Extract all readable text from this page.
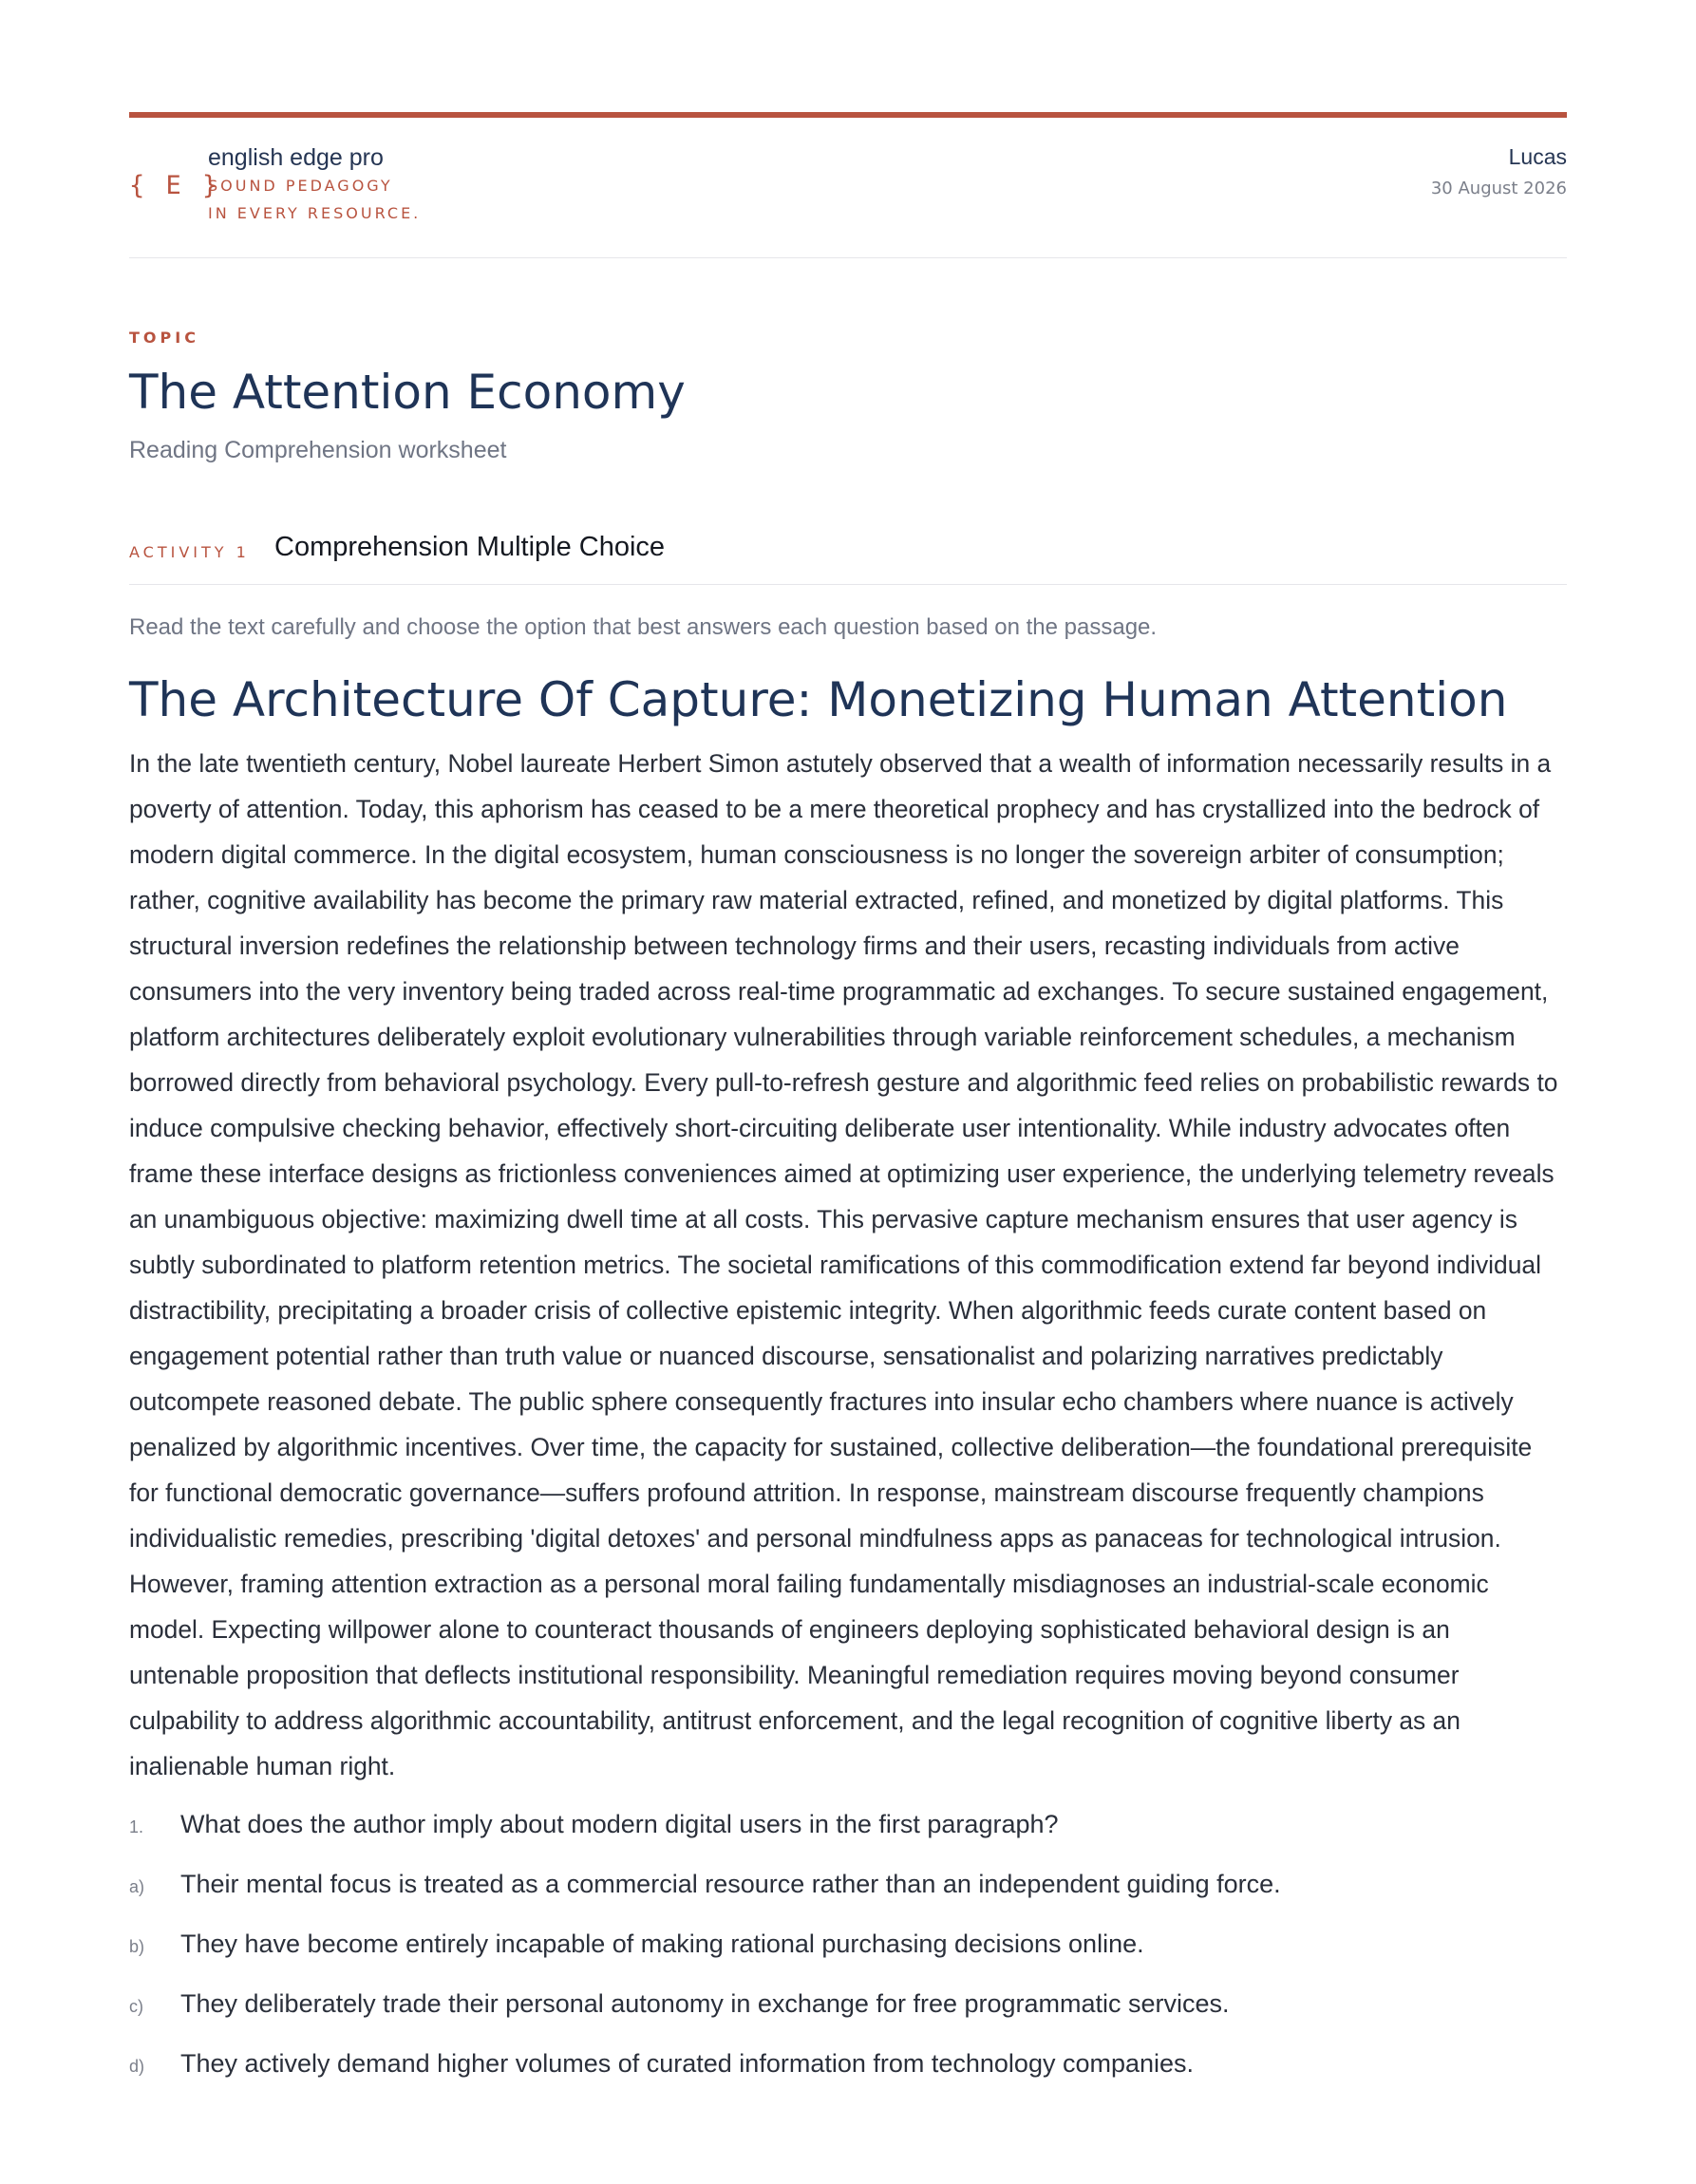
{ E }
english edge pro
SOUND PEDAGOGY
IN EVERY RESOURCE.
Lucas
30 August 2026
TOPIC
The Attention Economy
Reading Comprehension worksheet
ACTIVITY 1 Comprehension Multiple Choice

Read the text carefully and choose the option that best answers each question based on the passage.

The Architecture Of Capture: Monetizing Human Attention

In the late twentieth century, Nobel laureate Herbert Simon astutely observed that a wealth of information necessarily results in a poverty of attention. Today, this aphorism has ceased to be a mere theoretical prophecy and has crystallized into the bedrock of modern digital commerce. In the digital ecosystem, human consciousness is no longer the sovereign arbiter of consumption; rather, cognitive availability has become the primary raw material extracted, refined, and monetized by digital platforms. This structural inversion redefines the relationship between technology firms and their users, recasting individuals from active consumers into the very inventory being traded across real-time programmatic ad exchanges. To secure sustained engagement, platform architectures deliberately exploit evolutionary vulnerabilities through variable reinforcement schedules, a mechanism borrowed directly from behavioral psychology. Every pull-to-refresh gesture and algorithmic feed relies on probabilistic rewards to induce compulsive checking behavior, effectively short-circuiting deliberate user intentionality. While industry advocates often frame these interface designs as frictionless conveniences aimed at optimizing user experience, the underlying telemetry reveals an unambiguous objective: maximizing dwell time at all costs. This pervasive capture mechanism ensures that user agency is subtly subordinated to platform retention metrics. The societal ramifications of this commodification extend far beyond individual distractibility, precipitating a broader crisis of collective epistemic integrity. When algorithmic feeds curate content based on engagement potential rather than truth value or nuanced discourse, sensationalist and polarizing narratives predictably outcompete reasoned debate. The public sphere consequently fractures into insular echo chambers where nuance is actively penalized by algorithmic incentives. Over time, the capacity for sustained, collective deliberation—the foundational prerequisite for functional democratic governance—suffers profound attrition. In response, mainstream discourse frequently champions individualistic remedies, prescribing 'digital detoxes' and personal mindfulness apps as panaceas for technological intrusion. However, framing attention extraction as a personal moral failing fundamentally misdiagnoses an industrial-scale economic model. Expecting willpower alone to counteract thousands of engineers deploying sophisticated behavioral design is an untenable proposition that deflects institutional responsibility. Meaningful remediation requires moving beyond consumer culpability to address algorithmic accountability, antitrust enforcement, and the legal recognition of cognitive liberty as an inalienable human right.

1. What does the author imply about modern digital users in the first paragraph?
a) Their mental focus is treated as a commercial resource rather than an independent guiding force.
b) They have become entirely incapable of making rational purchasing decisions online.
c) They deliberately trade their personal autonomy in exchange for free programmatic services.
d) They actively demand higher volumes of curated information from technology companies.
